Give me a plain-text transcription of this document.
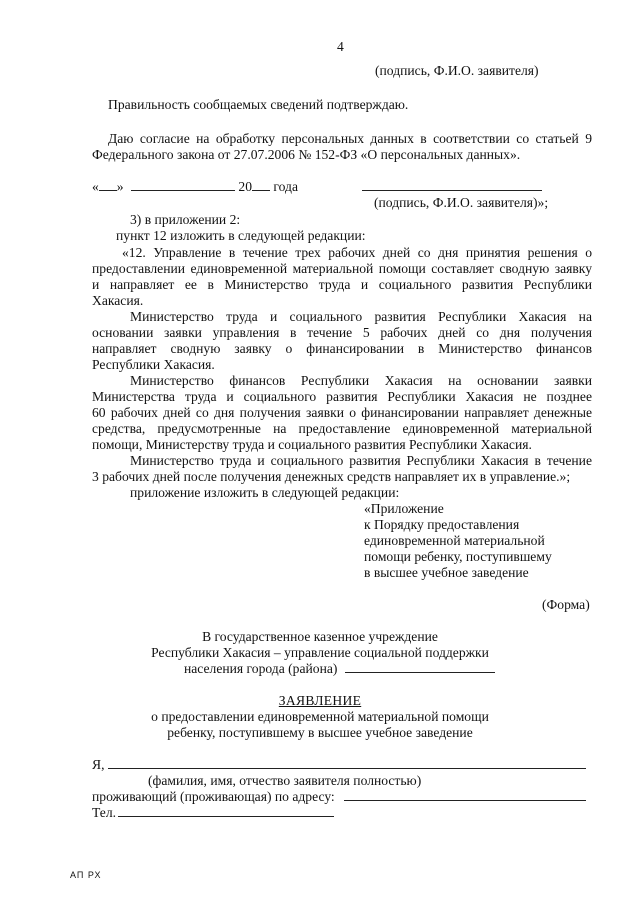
4
(подпись, Ф.И.О. заявителя)
Правильность сообщаемых сведений подтверждаю.
Даю согласие на обработку персональных данных в соответствии со статьей 9
Федерального закона от 27.07.2006 № 152-ФЗ «О персональных данных».
« »	20 года
(подпись, Ф.И.О. заявителя)»;
3) в приложении 2:
пункт 12 изложить в следующей редакции:
«12. Управление в течение трех рабочих дней со дня принятия решения о
предоставлении единовременной материальной помощи составляет сводную заявку
и направляет ее в Министерство труда и социального развития Республики
Хакасия.
Министерство труда и социального развития Республики Хакасия на
основании заявки управления в течение 5 рабочих дней со дня получения
направляет сводную заявку о финансировании в Министерство финансов
Республики Хакасия.
Министерство финансов Республики Хакасия на основании заявки
Министерства труда и социального развития Республики Хакасия не позднее
60 рабочих дней со дня получения заявки о финансировании направляет денежные
средства, предусмотренные на предоставление единовременной материальной
помощи, Министерству труда и социального развития Республики Хакасия.
Министерство труда и социального развития Республики Хакасия в течение
3 рабочих дней после получения денежных средств направляет их в управление.»;
приложение изложить в следующей редакции:
«Приложение
к Порядку предоставления
единовременной материальной
помощи ребенку, поступившему
в высшее учебное заведение
(Форма)
В государственное казенное учреждение
Республики Хакасия – управление социальной поддержки
населения города (района)
ЗАЯВЛЕНИЕ
о предоставлении единовременной материальной помощи
ребенку, поступившему в высшее учебное заведение
Я,
(фамилия, имя, отчество заявителя полностью)
проживающий (проживающая) по адресу:
Тел.
АП РХ
